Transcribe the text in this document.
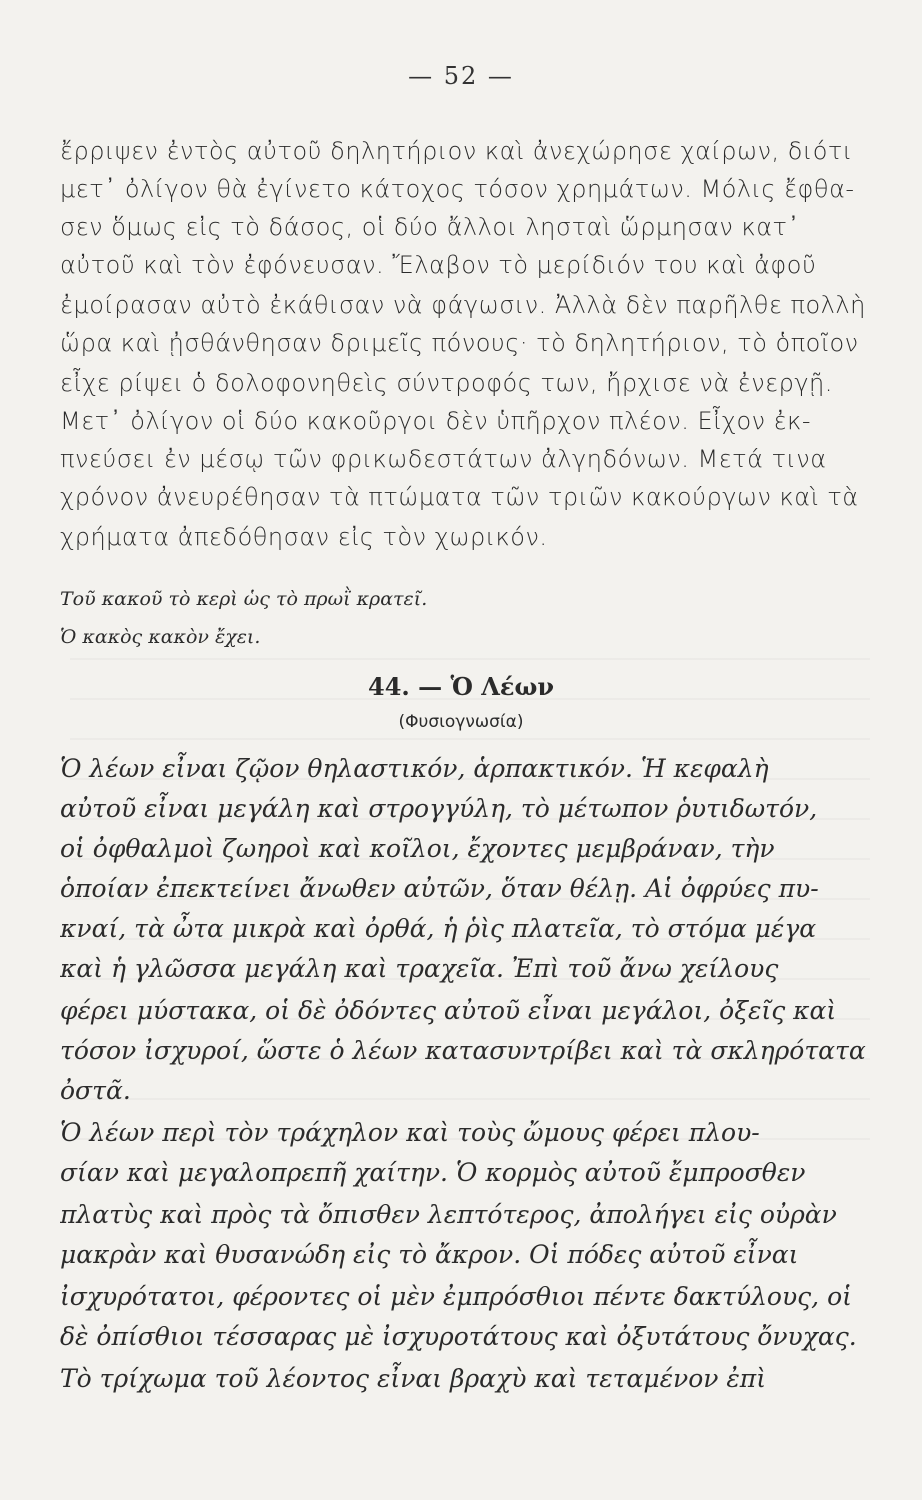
— 52 —
ἔρριψεν ἐντὸς αὐτοῦ δηλητήριον καὶ ἀνεχώρησε χαίρων, διότι
μετ᾽ ὀλίγον θὰ ἐγίνετο κάτοχος τόσον χρημάτων. Μόλις ἔφθα-
σεν ὅμως εἰς τὸ δάσος, οἱ δύο ἄλλοι λησταὶ ὥρμησαν κατ᾽
αὐτοῦ καὶ τὸν ἐφόνευσαν. Ἔλαβον τὸ μερίδιόν του καὶ ἀφοῦ
ἐμοίρασαν αὐτὸ ἐκάθισαν νὰ φάγωσιν. Ἀλλὰ δὲν παρῆλθε πολλὴ
ὥρα καὶ ᾐσθάνθησαν δριμεῖς πόνους· τὸ δηλητήριον, τὸ ὁποῖον
εἶχε ρίψει ὁ δολοφονηθεὶς σύντροφός των, ἤρχισε νὰ ἐνεργῇ.
Μετ᾽ ὀλίγον οἱ δύο κακοῦργοι δὲν ὑπῆρχον πλέον. Εἶχον ἐκ-
πνεύσει ἐν μέσῳ τῶν φρικωδεστάτων ἀλγηδόνων. Μετά τινα
χρόνον ἀνευρέθησαν τὰ πτώματα τῶν τριῶν κακούργων καὶ τὰ
χρήματα ἀπεδόθησαν εἰς τὸν χωρικόν.
Τοῦ κακοῦ τὸ κερὶ ὡς τὸ πρωῒ κρατεῖ.
Ὁ κακὸς κακὸν ἔχει.
44. — Ὁ Λέων
(Φυσιογνωσία)
Ὁ λέων εἶναι ζῷον θηλαστικόν, ἁρπακτικόν. Ἡ κεφαλὴ
αὐτοῦ εἶναι μεγάλη καὶ στρογγύλη, τὸ μέτωπον ῥυτιδωτόν,
οἱ ὀφθαλμοὶ ζωηροὶ καὶ κοῖλοι, ἔχοντες μεμβράναν, τὴν
ὁποίαν ἐπεκτείνει ἄνωθεν αὐτῶν, ὅταν θέλῃ. Αἱ ὀφρύες πυ-
κναί, τὰ ὦτα μικρὰ καὶ ὀρθά, ἡ ῥὶς πλατεῖα, τὸ στόμα μέγα
καὶ ἡ γλῶσσα μεγάλη καὶ τραχεῖα. Ἐπὶ τοῦ ἄνω χείλους
φέρει μύστακα, οἱ δὲ ὀδόντες αὐτοῦ εἶναι μεγάλοι, ὀξεῖς καὶ
τόσον ἰσχυροί, ὥστε ὁ λέων κατασυντρίβει καὶ τὰ σκληρότατα
ὀστᾶ.
Ὁ λέων περὶ τὸν τράχηλον καὶ τοὺς ὤμους φέρει πλου-
σίαν καὶ μεγαλοπρεπῆ χαίτην. Ὁ κορμὸς αὐτοῦ ἔμπροσθεν
πλατὺς καὶ πρὸς τὰ ὄπισθεν λεπτότερος, ἀπολήγει εἰς οὐρὰν
μακρὰν καὶ θυσανώδη εἰς τὸ ἄκρον. Οἱ πόδες αὐτοῦ εἶναι
ἰσχυρότατοι, φέροντες οἱ μὲν ἐμπρόσθιοι πέντε δακτύλους, οἱ
δὲ ὀπίσθιοι τέσσαρας μὲ ἰσχυροτάτους καὶ ὀξυτάτους ὄνυχας.
Τὸ τρίχωμα τοῦ λέοντος εἶναι βραχὺ καὶ τεταμένον ἐπὶ
